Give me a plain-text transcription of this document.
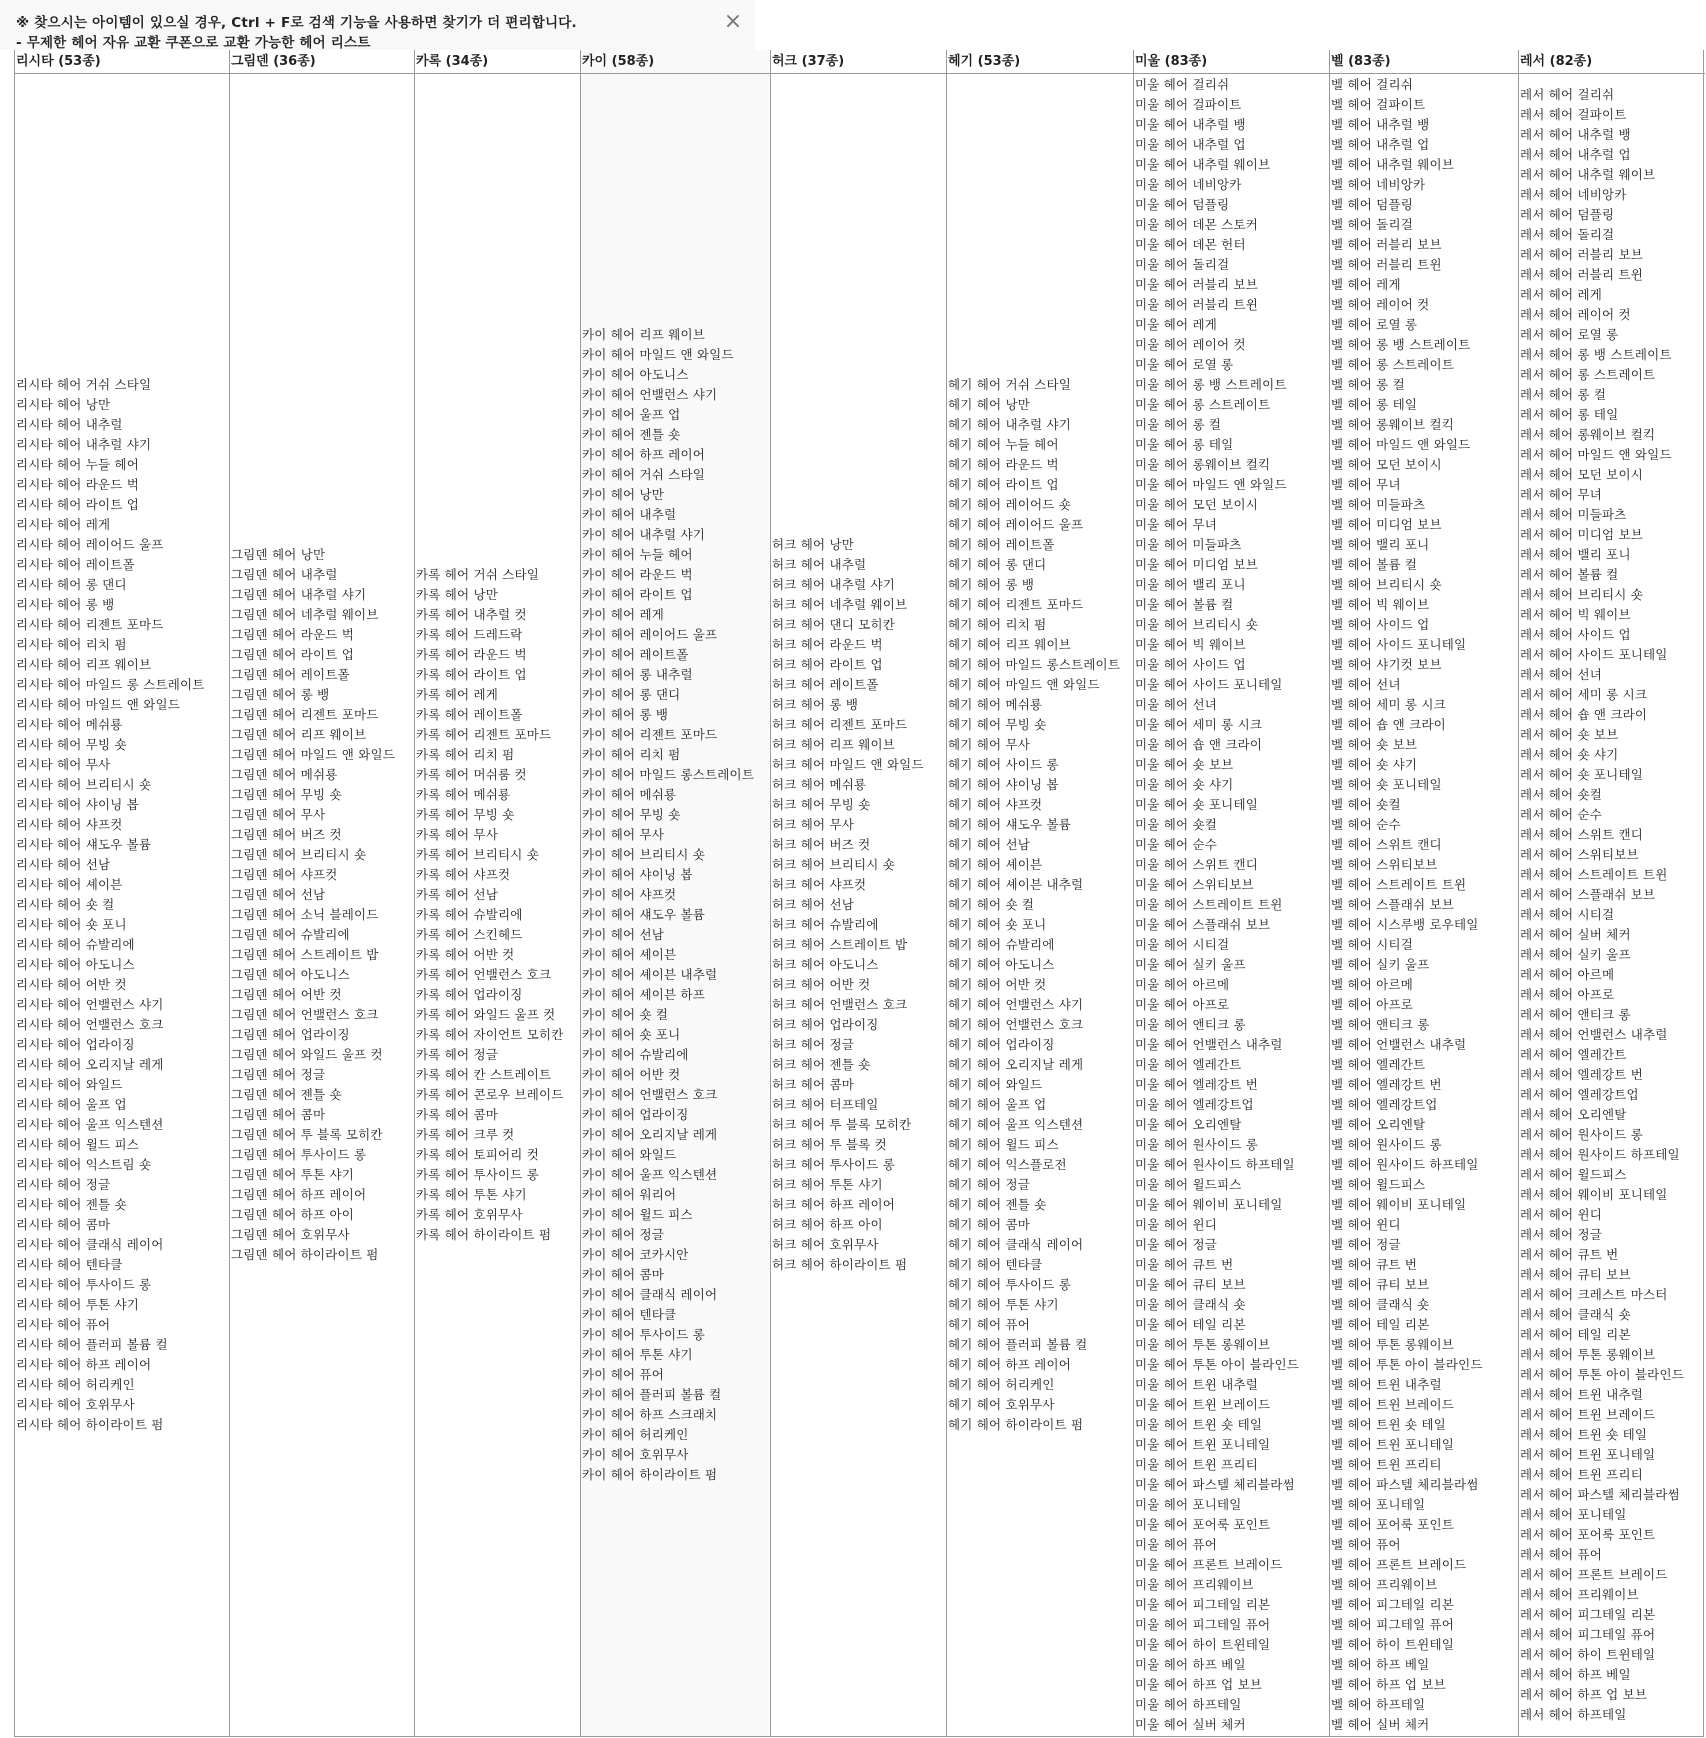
※ 찾으시는 아이템이 있으실 경우, Ctrl + F로 검색 기능을 사용하면 찾기가 더 편리합니다.
- 무제한 헤어 자유 교환 쿠폰으로 교환 가능한 헤어 리스트
×
리시타 (53종)
리시타 헤어 거쉬 스타일
리시타 헤어 낭만
리시타 헤어 내추럴
리시타 헤어 내추럴 샤기
리시타 헤어 누들 헤어
리시타 헤어 라운드 벅
리시타 헤어 라이트 업
리시타 헤어 레게
리시타 헤어 레이어드 울프
리시타 헤어 레이트폴
리시타 헤어 롱 댄디
리시타 헤어 롱 뱅
리시타 헤어 리젠트 포마드
리시타 헤어 리치 펌
리시타 헤어 리프 웨이브
리시타 헤어 마일드 롱 스트레이트
리시타 헤어 마일드 앤 와일드
리시타 헤어 메쉬룡
리시타 헤어 무빙 숏
리시타 헤어 무사
리시타 헤어 브리티시 숏
리시타 헤어 샤이닝 봅
리시타 헤어 샤프컷
리시타 헤어 섀도우 볼륨
리시타 헤어 선남
리시타 헤어 셰이븐
리시타 헤어 숏 컬
리시타 헤어 숏 포니
리시타 헤어 슈발리에
리시타 헤어 아도니스
리시타 헤어 어반 컷
리시타 헤어 언밸런스 샤기
리시타 헤어 언밸런스 호크
리시타 헤어 업라이징
리시타 헤어 오리지날 레게
리시타 헤어 와일드
리시타 헤어 울프 업
리시타 헤어 울프 익스텐션
리시타 헤어 윌드 피스
리시타 헤어 익스트림 숏
리시타 헤어 정글
리시타 헤어 젠틀 숏
리시타 헤어 콤마
리시타 헤어 클래식 레이어
리시타 헤어 텐타클
리시타 헤어 투사이드 롱
리시타 헤어 투톤 샤기
리시타 헤어 퓨어
리시타 헤어 플러피 볼륨 컬
리시타 헤어 하프 레이어
리시타 헤어 허리케인
리시타 헤어 호위무사
리시타 헤어 하이라이트 펌
그림덴 (36종)
그림덴 헤어 낭만
그림덴 헤어 내추럴
그림덴 헤어 내추럴 샤기
그림덴 헤어 네추럴 웨이브
그림덴 헤어 라운드 벅
그림덴 헤어 라이트 업
그림덴 헤어 레이트폴
그림덴 헤어 롱 뱅
그림덴 헤어 리젠트 포마드
그림덴 헤어 리프 웨이브
그림덴 헤어 마일드 앤 와일드
그림덴 헤어 메쉬룡
그림덴 헤어 무빙 숏
그림덴 헤어 무사
그림덴 헤어 버즈 컷
그림덴 헤어 브리티시 숏
그림덴 헤어 샤프컷
그림덴 헤어 선남
그림덴 헤어 소닉 블레이드
그림덴 헤어 슈발리에
그림덴 헤어 스트레이트 밥
그림덴 헤어 아도니스
그림덴 헤어 어반 컷
그림덴 헤어 언밸런스 호크
그림덴 헤어 업라이징
그림덴 헤어 와일드 울프 컷
그림덴 헤어 정글
그림덴 헤어 젠틀 숏
그림덴 헤어 콤마
그림덴 헤어 투 블록 모히칸
그림덴 헤어 투사이드 롱
그림덴 헤어 투톤 샤기
그림덴 헤어 하프 레이어
그림덴 헤어 하프 아이
그림덴 헤어 호위무사
그림덴 헤어 하이라이트 펌
카록 (34종)
카록 헤어 거쉬 스타일
카록 헤어 낭만
카록 헤어 내추럴 컷
카록 헤어 드레드락
카록 헤어 라운드 벅
카록 헤어 라이트 업
카록 헤어 레게
카록 헤어 레이트폴
카록 헤어 리젠트 포마드
카록 헤어 리치 펌
카록 헤어 머쉬룸 컷
카록 헤어 메쉬룡
카록 헤어 무빙 숏
카록 헤어 무사
카록 헤어 브리티시 숏
카록 헤어 샤프컷
카록 헤어 선남
카록 헤어 슈발리에
카록 헤어 스킨헤드
카록 헤어 어반 컷
카록 헤어 언밸런스 호크
카록 헤어 업라이징
카록 헤어 와일드 울프 컷
카록 헤어 자이언트 모히칸
카록 헤어 정글
카록 헤어 칸 스트레이트
카록 헤어 콘로우 브레이드
카록 헤어 콤마
카록 헤어 크루 컷
카록 헤어 토피어리 컷
카록 헤어 투사이드 롱
카록 헤어 투톤 샤기
카록 헤어 호위무사
카록 헤어 하이라이트 펌
카이 (58종)
카이 헤어 리프 웨이브
카이 헤어 마일드 앤 와일드
카이 헤어 아도니스
카이 헤어 언밸런스 샤기
카이 헤어 울프 업
카이 헤어 젠틀 숏
카이 헤어 하프 레이어
카이 헤어 거쉬 스타일
카이 헤어 낭만
카이 헤어 내추럴
카이 헤어 내추럴 샤기
카이 헤어 누들 헤어
카이 헤어 라운드 벅
카이 헤어 라이트 업
카이 헤어 레게
카이 헤어 레이어드 울프
카이 헤어 레이트폴
카이 헤어 롱 내추럴
카이 헤어 롱 댄디
카이 헤어 롱 뱅
카이 헤어 리젠트 포마드
카이 헤어 리치 펌
카이 헤어 마일드 롱스트레이트
카이 헤어 메쉬룡
카이 헤어 무빙 숏
카이 헤어 무사
카이 헤어 브리티시 숏
카이 헤어 샤이닝 봅
카이 헤어 샤프컷
카이 헤어 섀도우 볼륨
카이 헤어 선남
카이 헤어 셰이븐
카이 헤어 셰이븐 내추럴
카이 헤어 셰이븐 하프
카이 헤어 숏 컬
카이 헤어 숏 포니
카이 헤어 슈발리에
카이 헤어 어반 컷
카이 헤어 언밸런스 호크
카이 헤어 업라이징
카이 헤어 오리지날 레게
카이 헤어 와일드
카이 헤어 울프 익스텐션
카이 헤어 워리어
카이 헤어 윌드 피스
카이 헤어 정글
카이 헤어 코카시안
카이 헤어 콤마
카이 헤어 클래식 레이어
카이 헤어 텐타클
카이 헤어 투사이드 롱
카이 헤어 투톤 샤기
카이 헤어 퓨어
카이 헤어 플러피 볼륨 컬
카이 헤어 하프 스크래치
카이 헤어 허리케인
카이 헤어 호위무사
카이 헤어 하이라이트 펌
허크 (37종)
허크 헤어 낭만
허크 헤어 내추럴
허크 헤어 내추럴 샤기
허크 헤어 네추럴 웨이브
허크 헤어 댄디 모히칸
허크 헤어 라운드 벅
허크 헤어 라이트 업
허크 헤어 레이트폴
허크 헤어 롱 뱅
허크 헤어 리젠트 포마드
허크 헤어 리프 웨이브
허크 헤어 마일드 앤 와일드
허크 헤어 메쉬룡
허크 헤어 무빙 숏
허크 헤어 무사
허크 헤어 버즈 컷
허크 헤어 브리티시 숏
허크 헤어 샤프컷
허크 헤어 선남
허크 헤어 슈발리에
허크 헤어 스트레이트 밥
허크 헤어 아도니스
허크 헤어 어반 컷
허크 헤어 언밸런스 호크
허크 헤어 업라이징
허크 헤어 정글
허크 헤어 젠틀 숏
허크 헤어 콤마
허크 헤어 터프테일
허크 헤어 투 블록 모히칸
허크 헤어 투 블록 컷
허크 헤어 투사이드 롱
허크 헤어 투톤 샤기
허크 헤어 하프 레이어
허크 헤어 하프 아이
허크 헤어 호위무사
허크 헤어 하이라이트 펌
헤기 (53종)
헤기 헤어 거쉬 스타일
헤기 헤어 낭만
헤기 헤어 내추럴 샤기
헤기 헤어 누들 헤어
헤기 헤어 라운드 벅
헤기 헤어 라이트 업
헤기 헤어 레이어드 숏
헤기 헤어 레이어드 울프
헤기 헤어 레이트폴
헤기 헤어 롱 댄디
헤기 헤어 롱 뱅
헤기 헤어 리젠트 포마드
헤기 헤어 리치 펌
헤기 헤어 리프 웨이브
헤기 헤어 마일드 롱스트레이트
헤기 헤어 마일드 앤 와일드
헤기 헤어 메쉬룡
헤기 헤어 무빙 숏
헤기 헤어 무사
헤기 헤어 사이드 롱
헤기 헤어 샤이닝 봅
헤기 헤어 샤프컷
헤기 헤어 섀도우 볼륨
헤기 헤어 선남
헤기 헤어 셰이븐
헤기 헤어 셰이븐 내추럴
헤기 헤어 숏 컬
헤기 헤어 숏 포니
헤기 헤어 슈발리에
헤기 헤어 아도니스
헤기 헤어 어반 컷
헤기 헤어 언밸런스 샤기
헤기 헤어 언밸런스 호크
헤기 헤어 업라이징
헤기 헤어 오리지날 레게
헤기 헤어 와일드
헤기 헤어 울프 업
헤기 헤어 울프 익스텐션
헤기 헤어 윌드 피스
헤기 헤어 익스플로전
헤기 헤어 정글
헤기 헤어 젠틀 숏
헤기 헤어 콤마
헤기 헤어 클래식 레이어
헤기 헤어 텐타클
헤기 헤어 투사이드 롱
헤기 헤어 투톤 샤기
헤기 헤어 퓨어
헤기 헤어 플러피 볼륨 컬
헤기 헤어 하프 레이어
헤기 헤어 허리케인
헤기 헤어 호위무사
헤기 헤어 하이라이트 펌
미울 (83종)
미울 헤어 걸리쉬
미울 헤어 걸파이트
미울 헤어 내추럴 뱅
미울 헤어 내추럴 업
미울 헤어 내추럴 웨이브
미울 헤어 네비앙카
미울 헤어 덤플링
미울 헤어 데몬 스토커
미울 헤어 데몬 헌터
미울 헤어 돌리걸
미울 헤어 러블리 보브
미울 헤어 러블리 트윈
미울 헤어 레게
미울 헤어 레이어 컷
미울 헤어 로열 롱
미울 헤어 롱 뱅 스트레이트
미울 헤어 롱 스트레이트
미울 헤어 롱 컬
미울 헤어 롱 테일
미울 헤어 롱웨이브 컬킥
미울 헤어 마일드 앤 와일드
미울 헤어 모던 보이시
미울 헤어 무녀
미울 헤어 미들파츠
미울 헤어 미디엄 보브
미울 헤어 밸리 포니
미울 헤어 볼륨 컬
미울 헤어 브리티시 숏
미울 헤어 빅 웨이브
미울 헤어 사이드 업
미울 헤어 사이드 포니테일
미울 헤어 선녀
미울 헤어 세미 롱 시크
미울 헤어 숍 앤 크라이
미울 헤어 숏 보브
미울 헤어 숏 샤기
미울 헤어 숏 포니테일
미울 헤어 숏컬
미울 헤어 순수
미울 헤어 스위트 캔디
미울 헤어 스위티보브
미울 헤어 스트레이트 트윈
미울 헤어 스플래쉬 보브
미울 헤어 시티걸
미울 헤어 실키 울프
미울 헤어 아르메
미울 헤어 아프로
미울 헤어 앤티크 롱
미울 헤어 언밸런스 내추럴
미울 헤어 엘레간트
미울 헤어 엘레강트 번
미울 헤어 엘레강트업
미울 헤어 오리엔탈
미울 헤어 원사이드 롱
미울 헤어 원사이드 하프테일
미울 헤어 윌드피스
미울 헤어 웨이비 포니테일
미울 헤어 윈디
미울 헤어 정글
미울 헤어 큐트 번
미울 헤어 큐티 보브
미울 헤어 클래식 숏
미울 헤어 테일 리본
미울 헤어 투톤 롱웨이브
미울 헤어 투톤 아이 블라인드
미울 헤어 트윈 내추럴
미울 헤어 트윈 브레이드
미울 헤어 트윈 숏 테일
미울 헤어 트윈 포니테일
미울 헤어 트윈 프리티
미울 헤어 파스텔 체리블라썸
미울 헤어 포니테일
미울 헤어 포어룩 포인트
미울 헤어 퓨어
미울 헤어 프론트 브레이드
미울 헤어 프리웨이브
미울 헤어 피그테일 리본
미울 헤어 피그테일 퓨어
미울 헤어 하이 트윈테일
미울 헤어 하프 베일
미울 헤어 하프 업 보브
미울 헤어 하프테일
미울 헤어 실버 체커
벨 (83종)
벨 헤어 걸리쉬
벨 헤어 걸파이트
벨 헤어 내추럴 뱅
벨 헤어 내추럴 업
벨 헤어 내추럴 웨이브
벨 헤어 네비앙카
벨 헤어 덤플링
벨 헤어 돌리걸
벨 헤어 러블리 보브
벨 헤어 러블리 트윈
벨 헤어 레게
벨 헤어 레이어 컷
벨 헤어 로열 롱
벨 헤어 롱 뱅 스트레이트
벨 헤어 롱 스트레이트
벨 헤어 롱 컬
벨 헤어 롱 테일
벨 헤어 롱웨이브 컬킥
벨 헤어 마일드 앤 와일드
벨 헤어 모던 보이시
벨 헤어 무녀
벨 헤어 미들파츠
벨 헤어 미디엄 보브
벨 헤어 밸리 포니
벨 헤어 볼륨 컬
벨 헤어 브리티시 숏
벨 헤어 빅 웨이브
벨 헤어 사이드 업
벨 헤어 사이드 포니테일
벨 헤어 샤기컷 보브
벨 헤어 선녀
벨 헤어 세미 롱 시크
벨 헤어 숍 앤 크라이
벨 헤어 숏 보브
벨 헤어 숏 샤기
벨 헤어 숏 포니테일
벨 헤어 숏컬
벨 헤어 순수
벨 헤어 스위트 캔디
벨 헤어 스위티보브
벨 헤어 스트레이트 트윈
벨 헤어 스플래쉬 보브
벨 헤어 시스루뱅 로우테일
벨 헤어 시티걸
벨 헤어 실키 울프
벨 헤어 아르메
벨 헤어 아프로
벨 헤어 앤티크 롱
벨 헤어 언밸런스 내추럴
벨 헤어 엘레간트
벨 헤어 엘레강트 번
벨 헤어 엘레강트업
벨 헤어 오리엔탈
벨 헤어 원사이드 롱
벨 헤어 원사이드 하프테일
벨 헤어 윌드피스
벨 헤어 웨이비 포니테일
벨 헤어 윈디
벨 헤어 정글
벨 헤어 큐트 번
벨 헤어 큐티 보브
벨 헤어 클래식 숏
벨 헤어 테일 리본
벨 헤어 투톤 롱웨이브
벨 헤어 투톤 아이 블라인드
벨 헤어 트윈 내추럴
벨 헤어 트윈 브레이드
벨 헤어 트윈 숏 테일
벨 헤어 트윈 포니테일
벨 헤어 트윈 프리티
벨 헤어 파스텔 체리블라썸
벨 헤어 포니테일
벨 헤어 포어룩 포인트
벨 헤어 퓨어
벨 헤어 프론트 브레이드
벨 헤어 프리웨이브
벨 헤어 피그테일 리본
벨 헤어 피그테일 퓨어
벨 헤어 하이 트윈테일
벨 헤어 하프 베일
벨 헤어 하프 업 보브
벨 헤어 하프테일
벨 헤어 실버 체커
레서 (82종)
레서 헤어 걸리쉬
레서 헤어 걸파이트
레서 헤어 내추럴 뱅
레서 헤어 내추럴 업
레서 헤어 내추럴 웨이브
레서 헤어 네비앙카
레서 헤어 덤플링
레서 헤어 돌리걸
레서 헤어 러블리 보브
레서 헤어 러블리 트윈
레서 헤어 레게
레서 헤어 레이어 컷
레서 헤어 로열 롱
레서 헤어 롱 뱅 스트레이트
레서 헤어 롱 스트레이트
레서 헤어 롱 컬
레서 헤어 롱 테일
레서 헤어 롱웨이브 컬킥
레서 헤어 마일드 앤 와일드
레서 헤어 모던 보이시
레서 헤어 무녀
레서 헤어 미들파츠
레서 헤어 미디엄 보브
레서 헤어 밸리 포니
레서 헤어 볼륨 컬
레서 헤어 브리티시 숏
레서 헤어 빅 웨이브
레서 헤어 사이드 업
레서 헤어 사이드 포니테일
레서 헤어 선녀
레서 헤어 세미 롱 시크
레서 헤어 숍 앤 크라이
레서 헤어 숏 보브
레서 헤어 숏 샤기
레서 헤어 숏 포니테일
레서 헤어 숏컬
레서 헤어 순수
레서 헤어 스위트 캔디
레서 헤어 스위티보브
레서 헤어 스트레이트 트윈
레서 헤어 스플래쉬 보브
레서 헤어 시티걸
레서 헤어 실버 체커
레서 헤어 실키 울프
레서 헤어 아르메
레서 헤어 아프로
레서 헤어 앤티크 롱
레서 헤어 언밸런스 내추럴
레서 헤어 엘레간트
레서 헤어 엘레강트 번
레서 헤어 엘레강트업
레서 헤어 오리엔탈
레서 헤어 원사이드 롱
레서 헤어 원사이드 하프테일
레서 헤어 윌드피스
레서 헤어 웨이비 포니테일
레서 헤어 윈디
레서 헤어 정글
레서 헤어 큐트 번
레서 헤어 큐티 보브
레서 헤어 크레스트 마스터
레서 헤어 클래식 숏
레서 헤어 테일 리본
레서 헤어 투톤 롱웨이브
레서 헤어 투톤 아이 블라인드
레서 헤어 트윈 내추럴
레서 헤어 트윈 브레이드
레서 헤어 트윈 숏 테일
레서 헤어 트윈 포니테일
레서 헤어 트윈 프리티
레서 헤어 파스텔 체리블라썸
레서 헤어 포니테일
레서 헤어 포어룩 포인트
레서 헤어 퓨어
레서 헤어 프론트 브레이드
레서 헤어 프리웨이브
레서 헤어 피그테일 리본
레서 헤어 피그테일 퓨어
레서 헤어 하이 트윈테일
레서 헤어 하프 베일
레서 헤어 하프 업 보브
레서 헤어 하프테일
